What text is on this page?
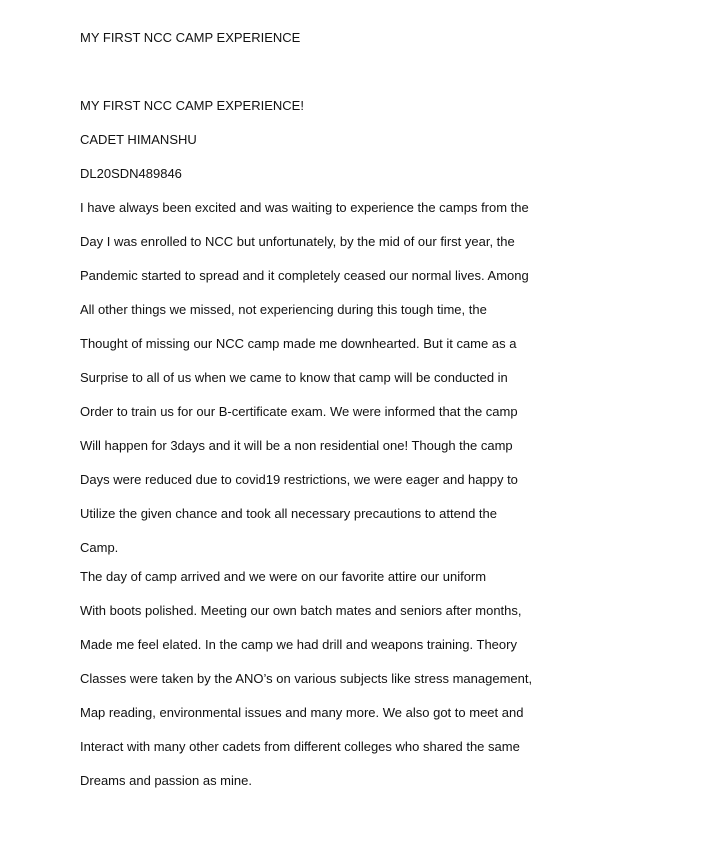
MY FIRST NCC CAMP EXPERIENCE
MY FIRST NCC CAMP EXPERIENCE!
CADET HIMANSHU
DL20SDN489846
I have always been excited and was waiting to experience the camps from the
Day I was enrolled to NCC but unfortunately, by the mid of our first year, the
Pandemic started to spread and it completely ceased our normal lives. Among
All other things we missed, not experiencing during this tough time, the
Thought of missing our NCC camp made me downhearted. But it came as a
Surprise to all of us when we came to know that camp will be conducted in
Order to train us for our B-certificate exam. We were informed that the camp
Will happen for 3days and it will be a non residential one! Though the camp
Days were reduced due to covid19 restrictions, we were eager and happy to
Utilize the given chance and took all necessary precautions to attend the
Camp.
The day of camp arrived and we were on our favorite attire our uniform
With boots polished. Meeting our own batch mates and seniors after months,
Made me feel elated. In the camp we had drill and weapons training. Theory
Classes were taken by the ANO’s on various subjects like stress management,
Map reading, environmental issues and many more. We also got to meet and
Interact with many other cadets from different colleges who shared the same
Dreams and passion as mine.
